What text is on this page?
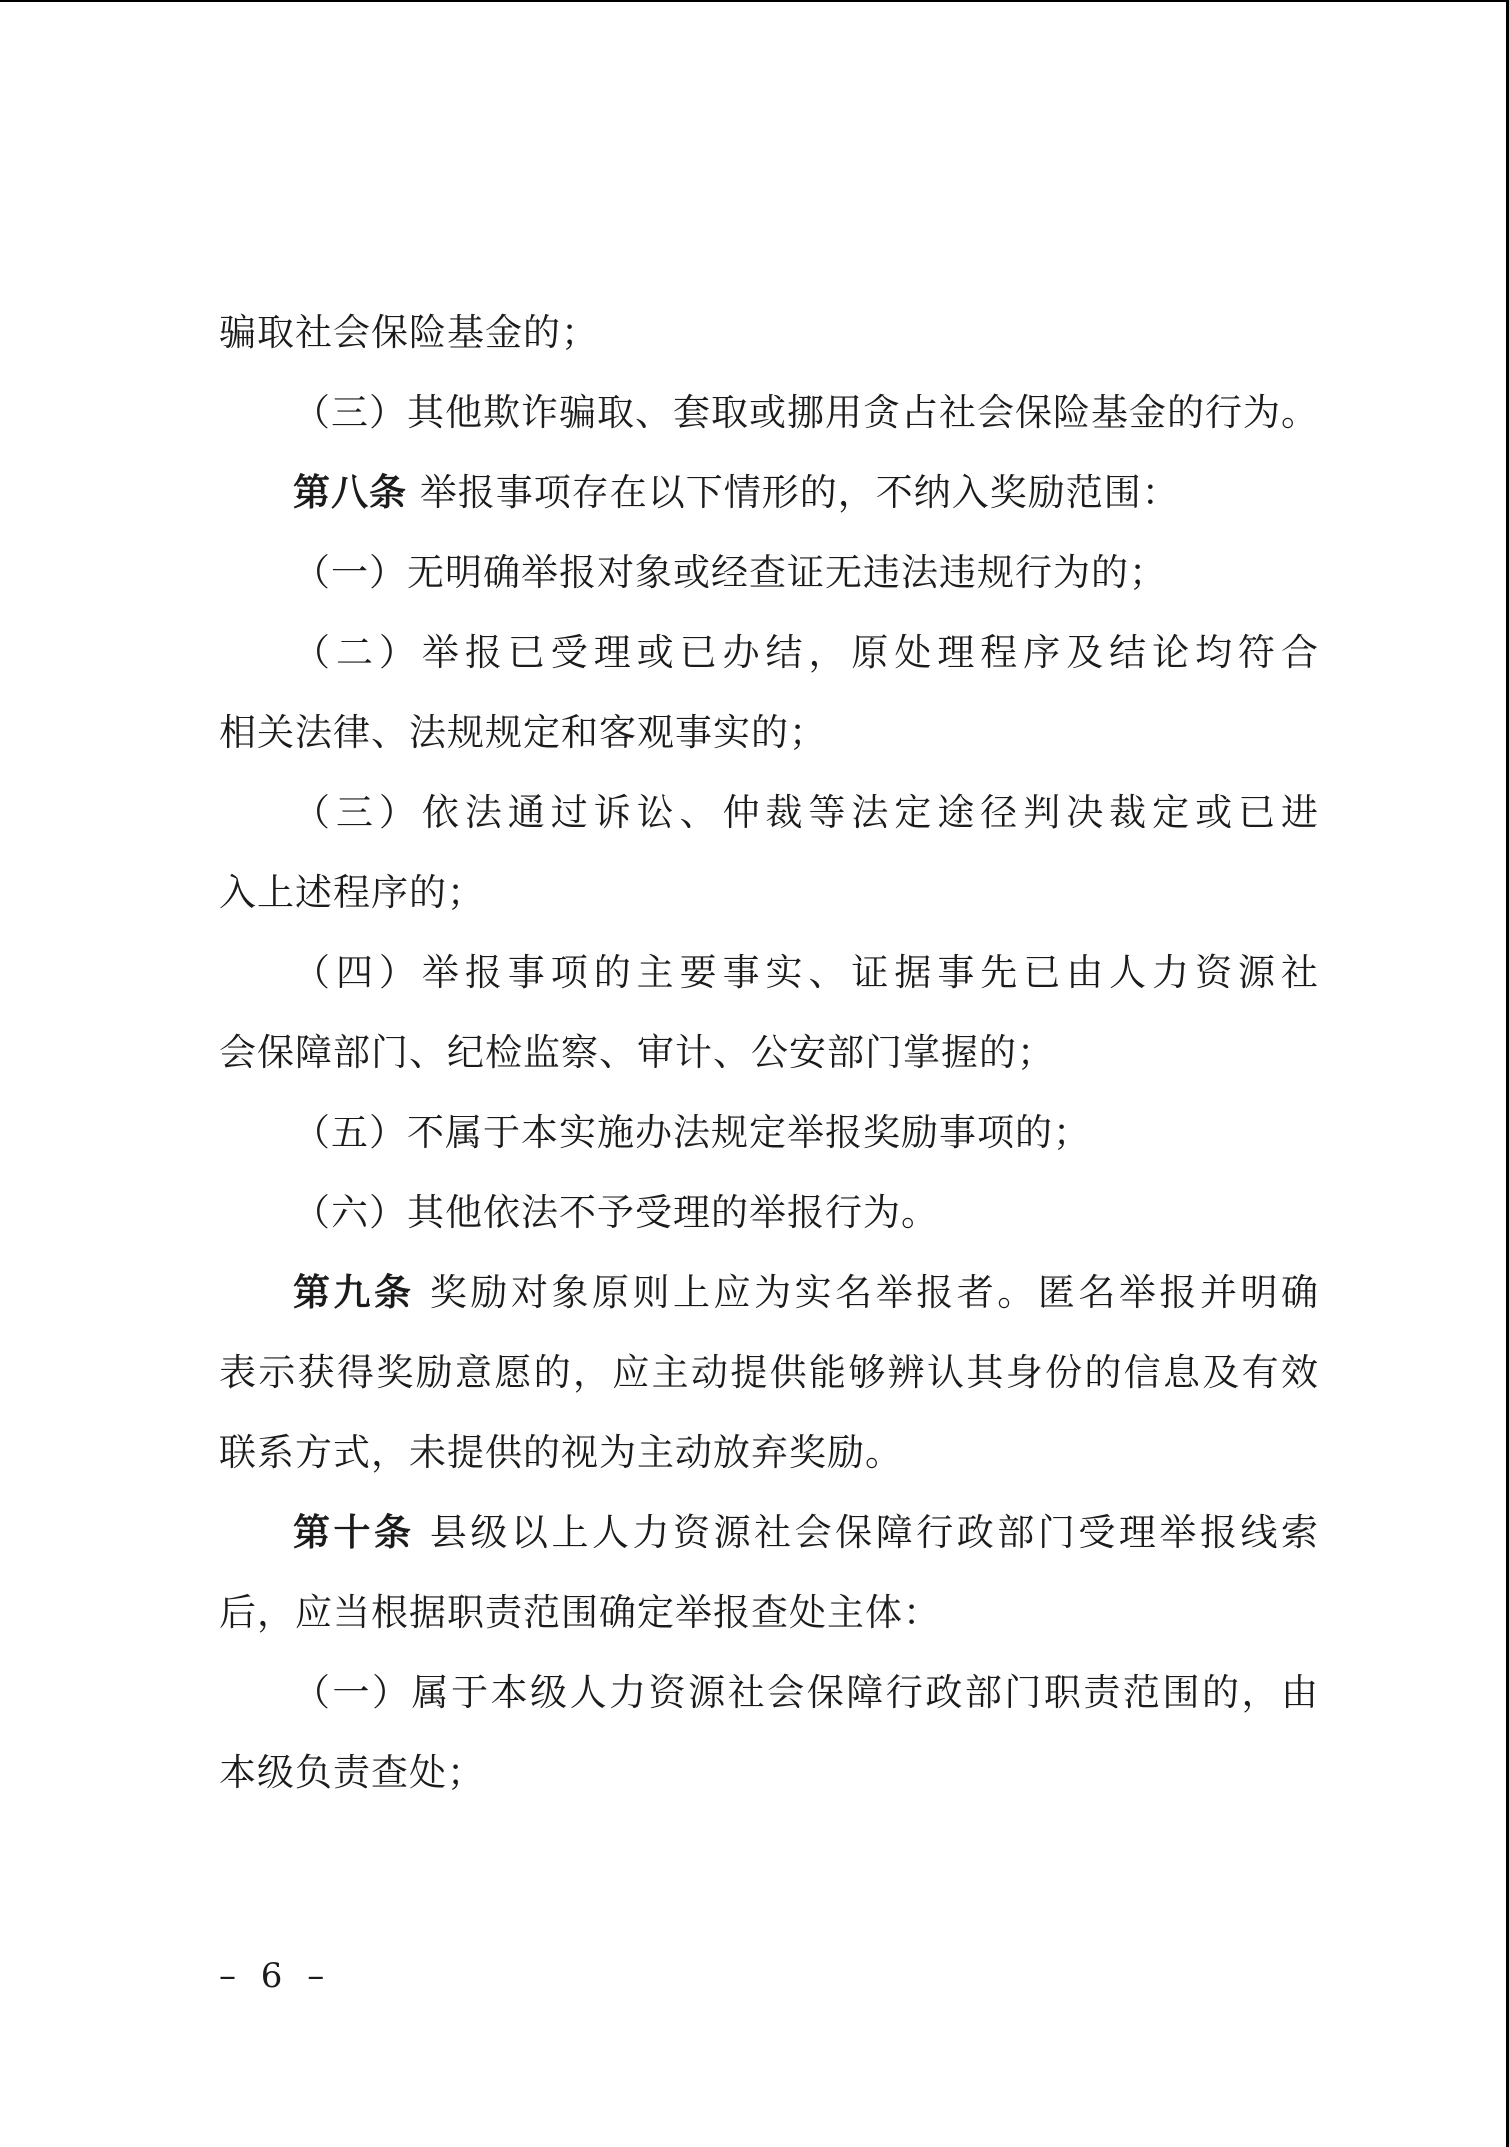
骗取社会保险基金的；
（三）其他欺诈骗取、套取或挪用贪占社会保险基金的行为。
第八条 举报事项存在以下情形的，不纳入奖励范围：
（一）无明确举报对象或经查证无违法违规行为的；
（二）举报已受理或已办结，原处理程序及结论均符合
相关法律、法规规定和客观事实的；
（三）依法通过诉讼、仲裁等法定途径判决裁定或已进
入上述程序的；
（四）举报事项的主要事实、证据事先已由人力资源社
会保障部门、纪检监察、审计、公安部门掌握的；
（五）不属于本实施办法规定举报奖励事项的；
（六）其他依法不予受理的举报行为。
第九条 奖励对象原则上应为实名举报者。匿名举报并明确
表示获得奖励意愿的，应主动提供能够辨认其身份的信息及有效
联系方式，未提供的视为主动放弃奖励。
第十条 县级以上人力资源社会保障行政部门受理举报线索
后，应当根据职责范围确定举报查处主体：
（一）属于本级人力资源社会保障行政部门职责范围的，由
本级负责查处；
– 6 –
